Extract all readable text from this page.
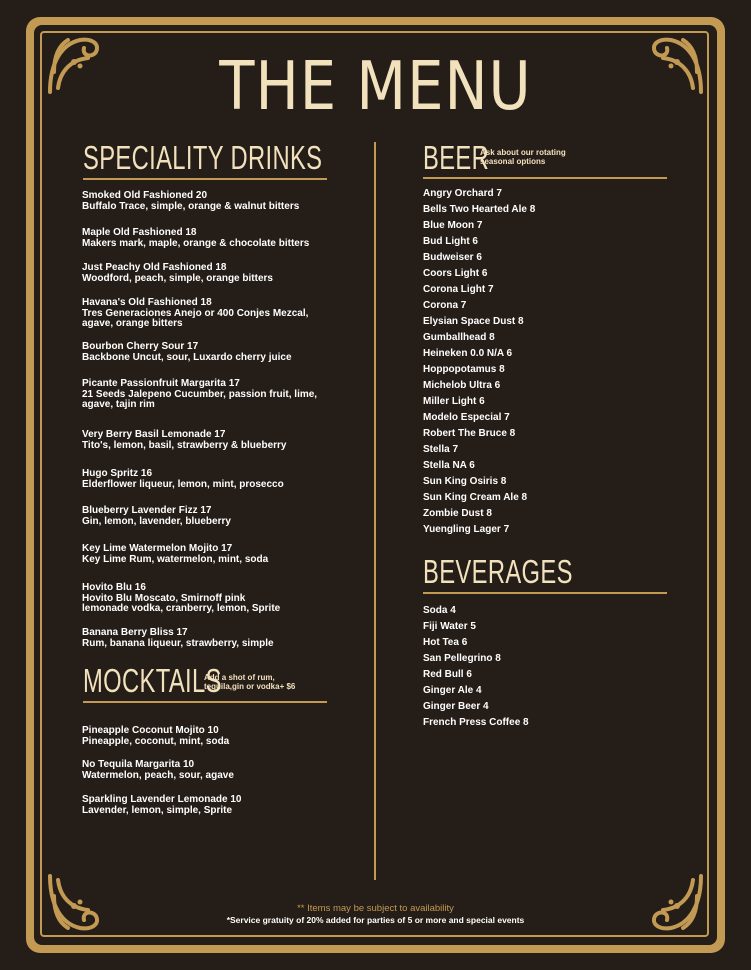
THE MENU
SPECIALITY DRINKS
Smoked Old Fashioned 20
Buffalo Trace, simple, orange & walnut bitters
Maple Old Fashioned 18
Makers mark, maple, orange & chocolate bitters
Just Peachy Old Fashioned 18
Woodford, peach, simple, orange bitters
Havana's Old Fashioned 18
Tres Generaciones Anejo or 400 Conjes Mezcal,
agave, orange bitters
Bourbon Cherry Sour 17
Backbone Uncut, sour, Luxardo cherry juice
Picante Passionfruit Margarita 17
21 Seeds Jalepeno Cucumber, passion fruit, lime,
agave, tajin rim
Very Berry Basil Lemonade 17
Tito's, lemon, basil, strawberry & blueberry
Hugo Spritz 16
Elderflower liqueur, lemon, mint, prosecco
Blueberry Lavender Fizz 17
Gin, lemon, lavender, blueberry
Key Lime Watermelon Mojito 17
Key Lime Rum, watermelon, mint, soda
Hovito Blu 16
Hovito Blu Moscato, Smirnoff pink
lemonade vodka, cranberry, lemon, Sprite
Banana Berry Bliss 17
Rum, banana liqueur, strawberry, simple
MOCKTAILS
Add a shot of rum,
tequila,gin or vodka+ $6
Pineapple Coconut Mojito 10
Pineapple, coconut, mint, soda
No Tequila Margarita 10
Watermelon, peach, sour, agave
Sparkling Lavender Lemonade 10
Lavender, lemon, simple, Sprite
BEER
Ask about our rotating
seasonal options
Angry Orchard 7
Bells Two Hearted Ale 8
Blue Moon 7
Bud Light 6
Budweiser 6
Coors Light 6
Corona Light 7
Corona 7
Elysian Space Dust 8
Gumballhead 8
Heineken 0.0 N/A 6
Hoppopotamus 8
Michelob Ultra 6
Miller Light 6
Modelo Especial 7
Robert The Bruce 8
Stella 7
Stella NA 6
Sun King Osiris 8
Sun King Cream Ale 8
Zombie Dust 8
Yuengling Lager 7
BEVERAGES
Soda 4
Fiji Water 5
Hot Tea 6
San Pellegrino 8
Red Bull 6
Ginger Ale 4
Ginger Beer 4
French Press Coffee 8
** Items may be subject to availability
*Service gratuity of 20% added for parties of 5 or more and special events
